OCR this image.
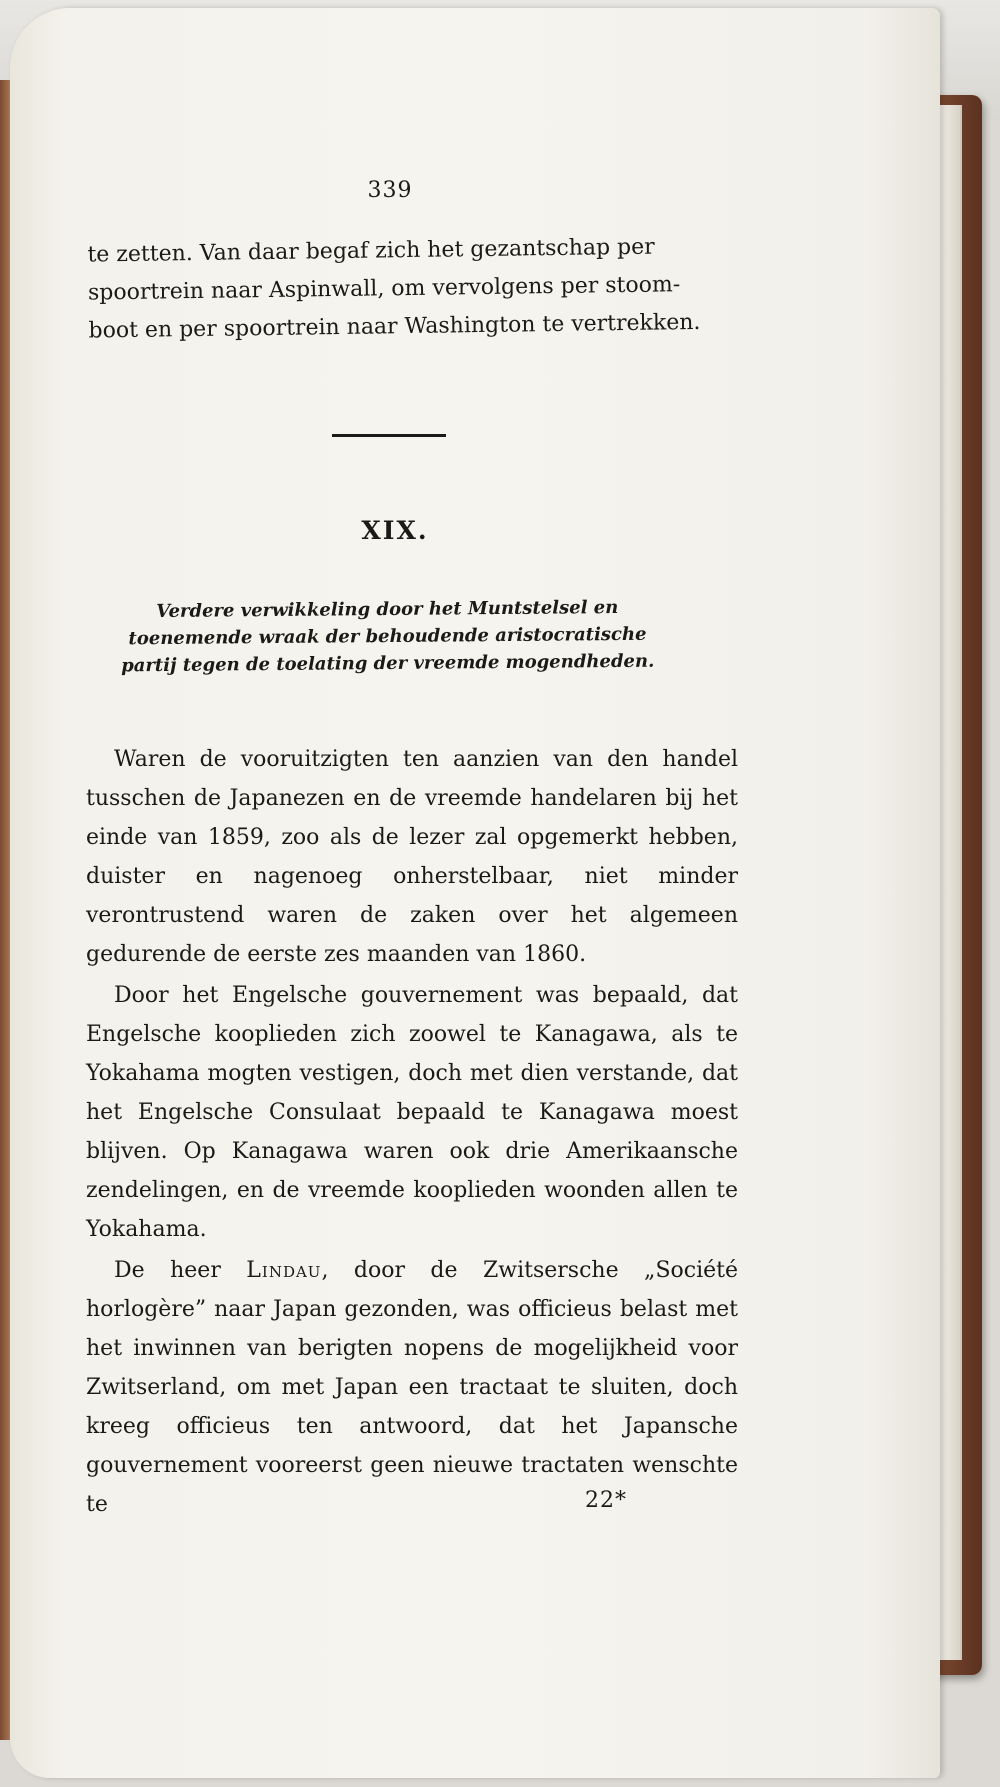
339

te zetten. Van daar begaf zich het gezantschap per

spoortrein naar Aspinwall, om vervolgens per stoom-

boot en per spoortrein naar Washington te vertrekken.

XIX.
Verdere verwikkeling door het Muntstelsel en toenemende wraak der behoudende aristocratische partij tegen de toelating der vreemde mogendheden.

Waren de vooruitzigten ten aanzien van den handel tusschen de Japanezen en de vreemde handelaren bij het einde van 1859, zoo als de lezer zal opgemerkt hebben, duister en nagenoeg onherstelbaar, niet minder verontrustend waren de zaken over het algemeen gedurende de eerste zes maanden van 1860.

Door het Engelsche gouvernement was bepaald, dat Engelsche kooplieden zich zoowel te Kanagawa, als te Yokahama mogten vestigen, doch met dien verstande, dat het Engelsche Consulaat bepaald te Kanagawa moest blijven. Op Kanagawa waren ook drie Amerikaansche zendelingen, en de vreemde kooplieden woonden allen te Yokahama.

De heer Lindau, door de Zwitsersche „Société horlogère” naar Japan gezonden, was officieus belast met het inwinnen van berigten nopens de mogelijkheid voor Zwitserland, om met Japan een tractaat te sluiten, doch kreeg officieus ten antwoord, dat het Japansche gouvernement vooreerst geen nieuwe tractaten wenschte te	22*
